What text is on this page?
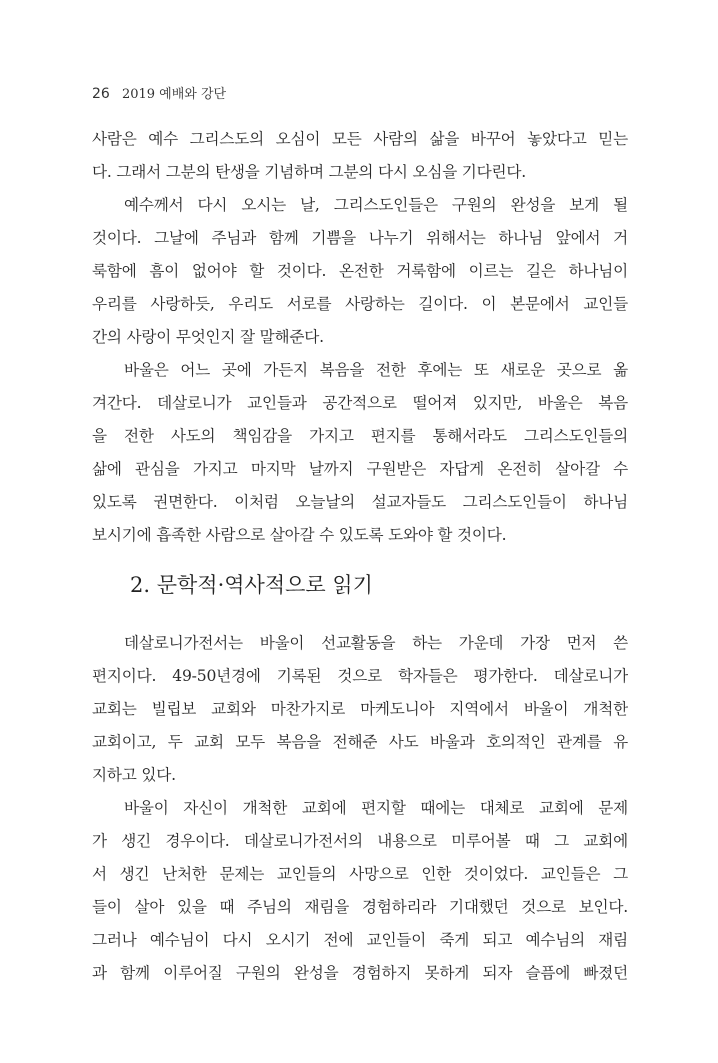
26 2019 예배와 강단
사람은 예수 그리스도의 오심이 모든 사람의 삶을 바꾸어 놓았다고 믿는
다. 그래서 그분의 탄생을 기념하며 그분의 다시 오심을 기다린다.
예수께서 다시 오시는 날, 그리스도인들은 구원의 완성을 보게 될
것이다. 그날에 주님과 함께 기쁨을 나누기 위해서는 하나님 앞에서 거
룩함에 흠이 없어야 할 것이다. 온전한 거룩함에 이르는 길은 하나님이
우리를 사랑하듯, 우리도 서로를 사랑하는 길이다. 이 본문에서 교인들
간의 사랑이 무엇인지 잘 말해준다.
바울은 어느 곳에 가든지 복음을 전한 후에는 또 새로운 곳으로 옮
겨간다. 데살로니가 교인들과 공간적으로 떨어져 있지만, 바울은 복음
을 전한 사도의 책임감을 가지고 편지를 통해서라도 그리스도인들의
삶에 관심을 가지고 마지막 날까지 구원받은 자답게 온전히 살아갈 수
있도록 권면한다. 이처럼 오늘날의 설교자들도 그리스도인들이 하나님
보시기에 흡족한 사람으로 살아갈 수 있도록 도와야 할 것이다.
2. 문학적·역사적으로 읽기
데살로니가전서는 바울이 선교활동을 하는 가운데 가장 먼저 쓴
편지이다. 49-50년경에 기록된 것으로 학자들은 평가한다. 데살로니가
교회는 빌립보 교회와 마찬가지로 마케도니아 지역에서 바울이 개척한
교회이고, 두 교회 모두 복음을 전해준 사도 바울과 호의적인 관계를 유
지하고 있다.
바울이 자신이 개척한 교회에 편지할 때에는 대체로 교회에 문제
가 생긴 경우이다. 데살로니가전서의 내용으로 미루어볼 때 그 교회에
서 생긴 난처한 문제는 교인들의 사망으로 인한 것이었다. 교인들은 그
들이 살아 있을 때 주님의 재림을 경험하리라 기대했던 것으로 보인다.
그러나 예수님이 다시 오시기 전에 교인들이 죽게 되고 예수님의 재림
과 함께 이루어질 구원의 완성을 경험하지 못하게 되자 슬픔에 빠졌던
